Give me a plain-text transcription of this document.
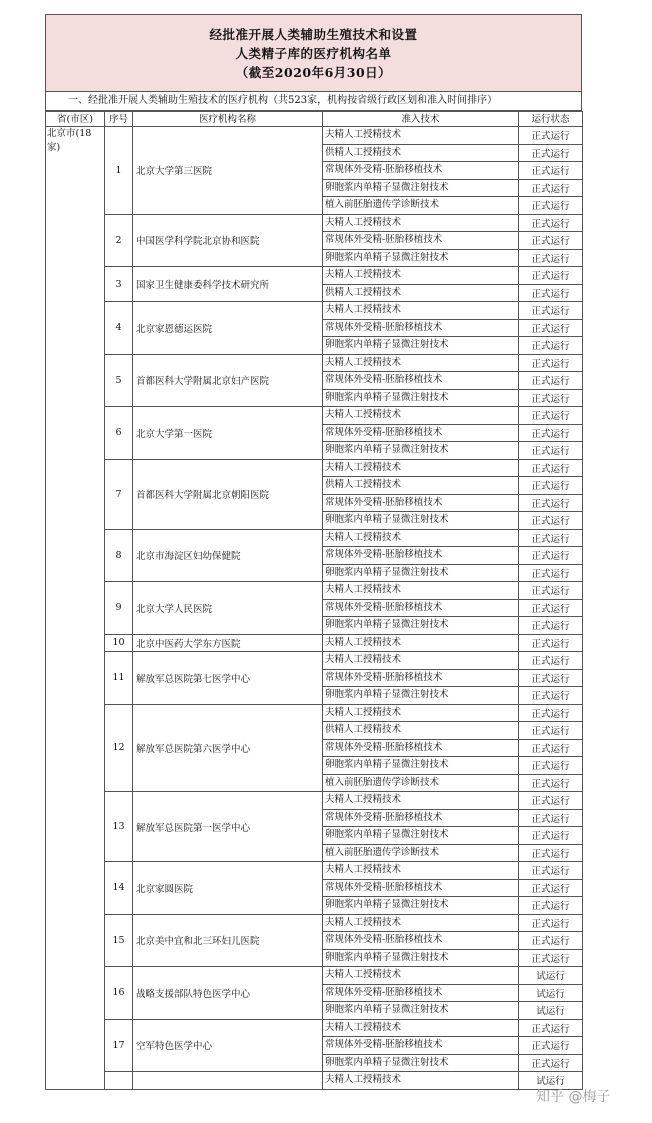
经批准开展人类辅助生殖技术和设置
人类精子库的医疗机构名单
（截至2020年6月30日）
一、经批准开展人类辅助生殖技术的医疗机构（共523家，机构按省级行政区划和准入时间排序）
省(市区)	序号	医疗机构名称	准入技术	运行状态
北京市(18家)	1	北京大学第三医院	夫精人工授精技术	正式运行
			供精人工授精技术	正式运行
			常规体外受精-胚胎移植技术	正式运行
			卵胞浆内单精子显微注射技术	正式运行
			植入前胚胎遗传学诊断技术	正式运行
	2	中国医学科学院北京协和医院	夫精人工授精技术	正式运行
			常规体外受精-胚胎移植技术	正式运行
			卵胞浆内单精子显微注射技术	正式运行
	3	国家卫生健康委科学技术研究所	夫精人工授精技术	正式运行
			供精人工授精技术	正式运行
	4	北京家恩德运医院	夫精人工授精技术	正式运行
			常规体外受精-胚胎移植技术	正式运行
			卵胞浆内单精子显微注射技术	正式运行
	5	首都医科大学附属北京妇产医院	夫精人工授精技术	正式运行
			常规体外受精-胚胎移植技术	正式运行
			卵胞浆内单精子显微注射技术	正式运行
	6	北京大学第一医院	夫精人工授精技术	正式运行
			常规体外受精-胚胎移植技术	正式运行
			卵胞浆内单精子显微注射技术	正式运行
	7	首都医科大学附属北京朝阳医院	夫精人工授精技术	正式运行
			供精人工授精技术	正式运行
			常规体外受精-胚胎移植技术	正式运行
			卵胞浆内单精子显微注射技术	正式运行
	8	北京市海淀区妇幼保健院	夫精人工授精技术	正式运行
			常规体外受精-胚胎移植技术	正式运行
			卵胞浆内单精子显微注射技术	正式运行
	9	北京大学人民医院	夫精人工授精技术	正式运行
			常规体外受精-胚胎移植技术	正式运行
			卵胞浆内单精子显微注射技术	正式运行
	10	北京中医药大学东方医院	夫精人工授精技术	正式运行
	11	解放军总医院第七医学中心	夫精人工授精技术	正式运行
			常规体外受精-胚胎移植技术	正式运行
			卵胞浆内单精子显微注射技术	正式运行
	12	解放军总医院第六医学中心	夫精人工授精技术	正式运行
			供精人工授精技术	正式运行
			常规体外受精-胚胎移植技术	正式运行
			卵胞浆内单精子显微注射技术	正式运行
			植入前胚胎遗传学诊断技术	正式运行
	13	解放军总医院第一医学中心	夫精人工授精技术	正式运行
			常规体外受精-胚胎移植技术	正式运行
			卵胞浆内单精子显微注射技术	正式运行
			植入前胚胎遗传学诊断技术	正式运行
	14	北京家圆医院	夫精人工授精技术	正式运行
			常规体外受精-胚胎移植技术	正式运行
			卵胞浆内单精子显微注射技术	正式运行
	15	北京美中宜和北三环妇儿医院	夫精人工授精技术	正式运行
			常规体外受精-胚胎移植技术	正式运行
			卵胞浆内单精子显微注射技术	正式运行
	16	战略支援部队特色医学中心	夫精人工授精技术	试运行
			常规体外受精-胚胎移植技术	试运行
			卵胞浆内单精子显微注射技术	试运行
	17	空军特色医学中心	夫精人工授精技术	正式运行
			常规体外受精-胚胎移植技术	正式运行
			卵胞浆内单精子显微注射技术	正式运行
			夫精人工授精技术	试运行
知乎 @梅子
